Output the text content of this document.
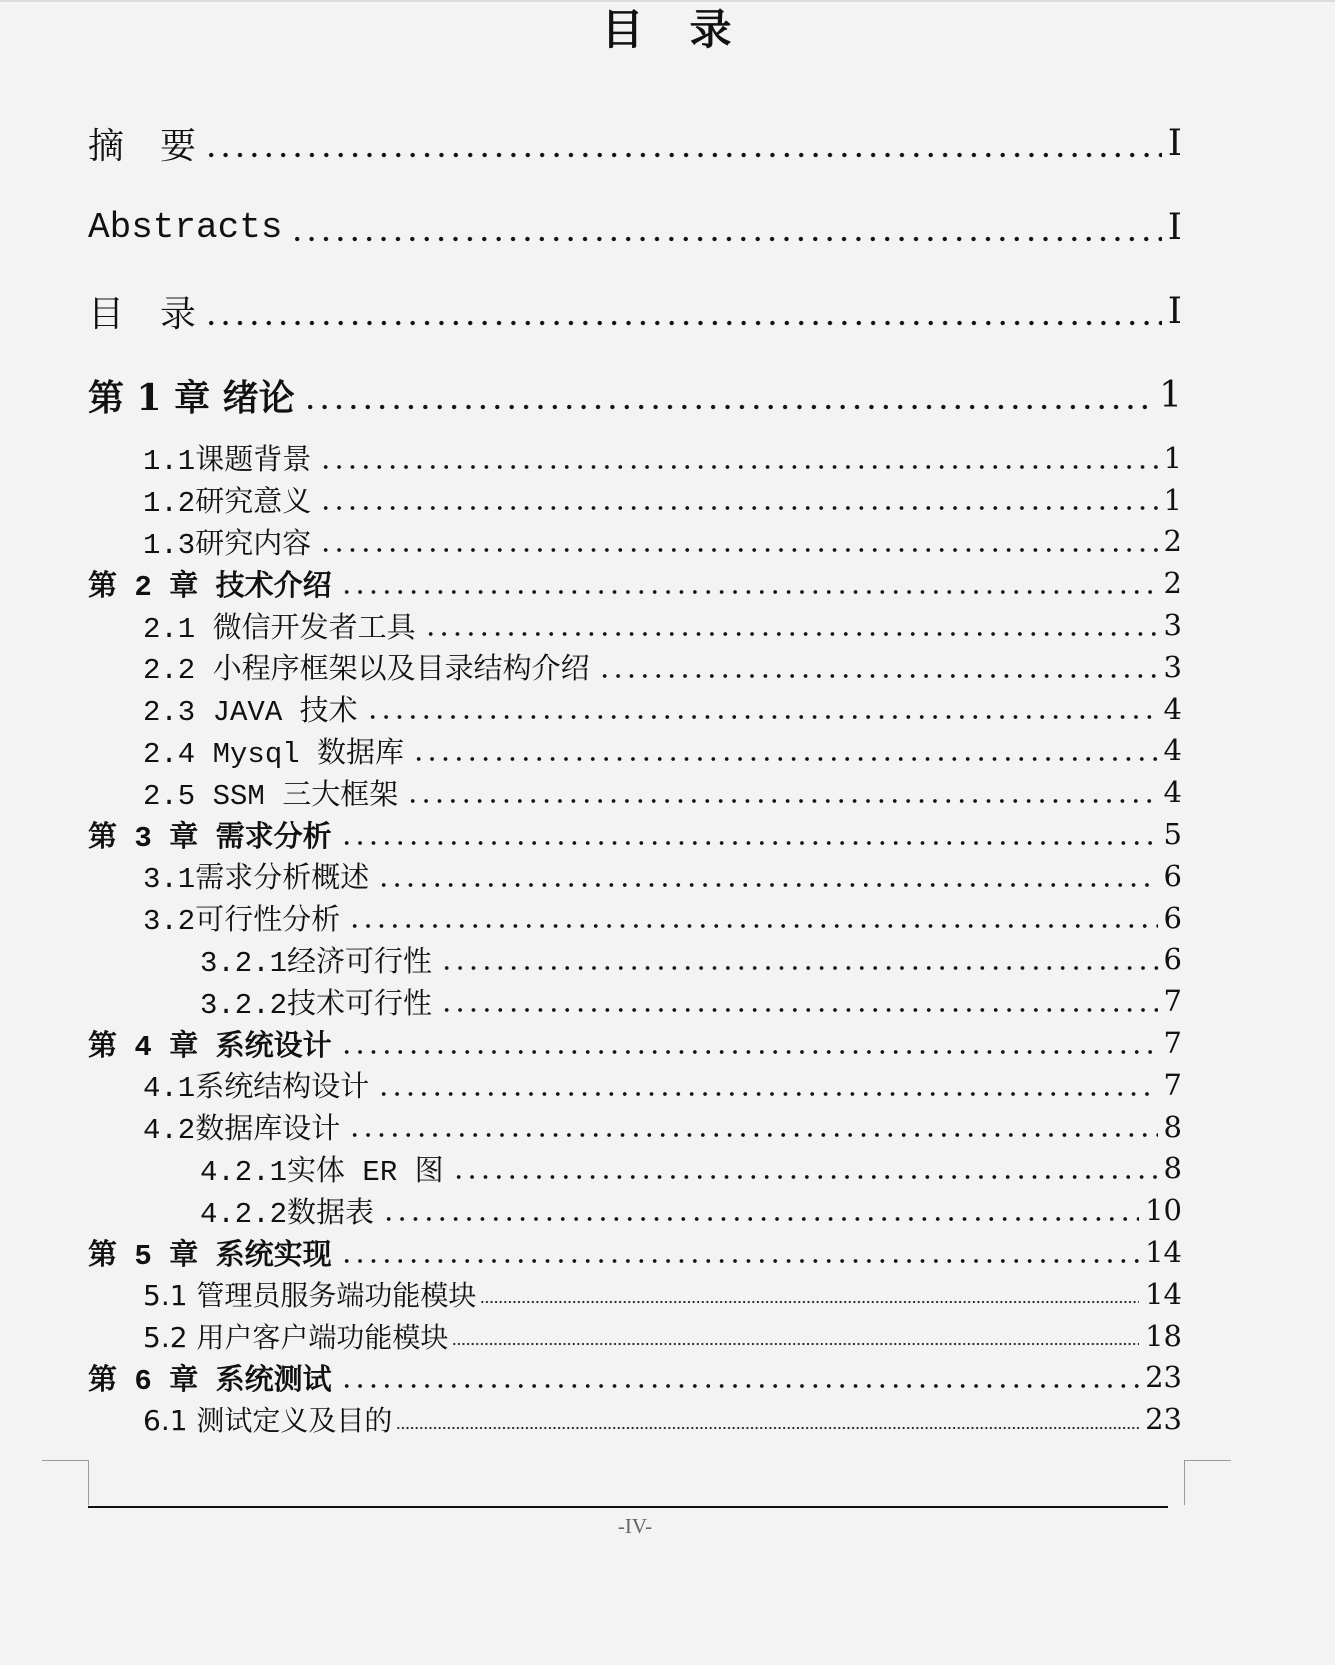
目　录
摘　要	I
Abstracts	I
目　录	I
第 1 章 绪论	1
1.1课题背景	1
1.2研究意义	1
1.3研究内容	2
第 2 章 技术介绍	2
2.1 微信开发者工具	3
2.2 小程序框架以及目录结构介绍	3
2.3 JAVA 技术	4
2.4 Mysql 数据库	4
2.5 SSM 三大框架	4
第 3 章 需求分析	5
3.1需求分析概述	6
3.2可行性分析	6
3.2.1经济可行性	6
3.2.2技术可行性	7
第 4 章 系统设计	7
4.1系统结构设计	7
4.2数据库设计	8
4.2.1实体 ER 图	8
4.2.2数据表	10
第 5 章 系统实现	14
5.1 管理员服务端功能模块	14
5.2 用户客户端功能模块	18
第 6 章 系统测试	23
6.1 测试定义及目的	23
-IV-
